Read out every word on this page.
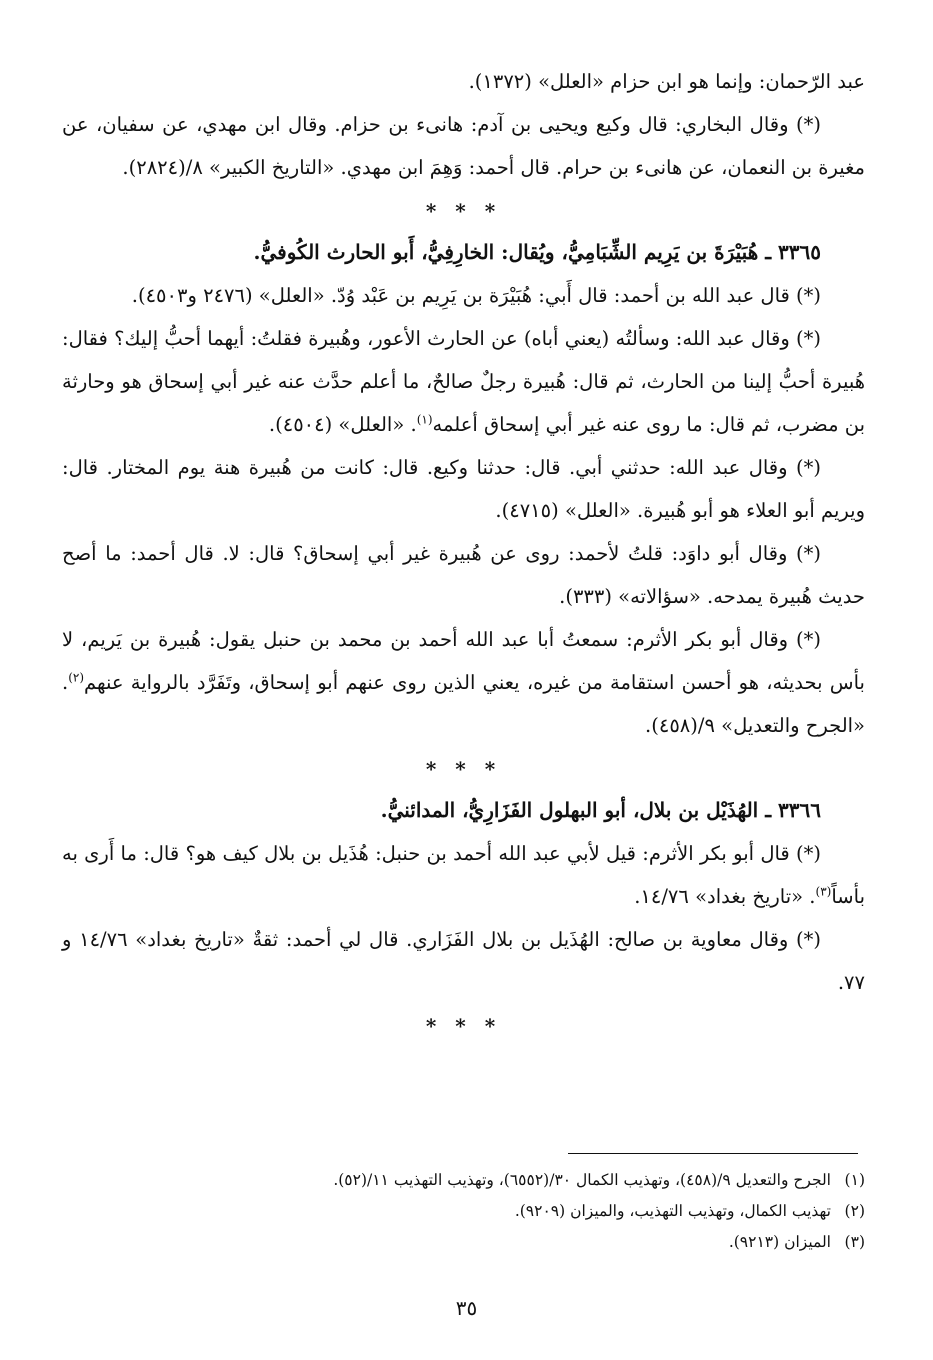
عبد الرّحمان: وإنما هو ابن حزام «العلل» (١٣٧٢).

(*) وقال البخاري: قال وكيع ويحيى بن آدم: هانىء بن حزام. وقال ابن مهدي، عن سفيان، عن مغيرة بن النعمان، عن هانىء بن حرام. قال أحمد: وَهِمَ ابن مهدي. «التاريخ الكبير» ٨/(٢٨٢٤).

* * *

٣٣٦٥ ـ هُبَيْرَةَ بن يَرِيم الشِّبَامِيُّ، ويُقال: الخارِفِيُّ، أَبو الحارث الكُوفيُّ.

(*) قال عبد الله بن أحمد: قال أَبي: هُبَيْرَة بن يَرِيم بن عَبْد وُدّ. «العلل» (٢٤٧٦ و٤٥٠٣).

(*) وقال عبد الله: وسألتُه (يعني أباه) عن الحارث الأعور، وهُبيرة فقلتُ: أيهما أحبُّ إليك؟ فقال: هُبيرة أحبُّ إلينا من الحارث، ثم قال: هُبيرة رجلٌ صالحٌ، ما أعلم حدَّث عنه غير أبي إسحاق هو وحارثة بن مضرب، ثم قال: ما روى عنه غير أبي إسحاق أعلمه$^{(١)}$. «العلل» (٤٥٠٤).

(*) وقال عبد الله: حدثني أبي. قال: حدثنا وكيع. قال: كانت من هُبيرة هنة يوم المختار. قال: ويريم أبو العلاء هو أبو هُبيرة. «العلل» (٤٧١٥).

(*) وقال أبو داوَد: قلتُ لأحمد: روى عن هُبيرة غير أبي إسحاق؟ قال: لا. قال أحمد: ما أصح حديث هُبيرة يمدحه. «سؤالاته» (٣٣٣).

(*) وقال أبو بكر الأثرم: سمعتُ أبا عبد الله أحمد بن محمد بن حنبل يقول: هُبيرة بن يَريم، لا بأس بحديثه، هو أحسن استقامة من غيره، يعني الذين روى عنهم أبو إسحاق، وتَفَرَّد بالرواية عنهم$^{(٢)}$. «الجرح والتعديل» ٩/(٤٥٨).

* * *

٣٣٦٦ ـ الهُذَيْل بن بلال، أبو البهلول الفَزَارِيُّ، المدائنيُّ.

(*) قال أبو بكر الأثرم: قيل لأبي عبد الله أحمد بن حنبل: هُذَيل بن بلال كيف هو؟ قال: ما أَرى به بأساً$^{(٣)}$. «تاريخ بغداد» ١٤/٧٦.

(*) وقال معاوية بن صالح: الهُذَيل بن بلال الفَزَاري. قال لي أحمد: ثقةٌ «تاريخ بغداد» ١٤/٧٦ و ٧٧.

* * *

(١)الجرح والتعديل ٩/(٤٥٨)، وتهذيب الكمال ٣٠/(٦٥٥٢)، وتهذيب التهذيب ١١/(٥٢).

(٢)تهذيب الكمال، وتهذيب التهذيب، والميزان (٩٢٠٩).

(٣)الميزان (٩٢١٣).

٣٥
